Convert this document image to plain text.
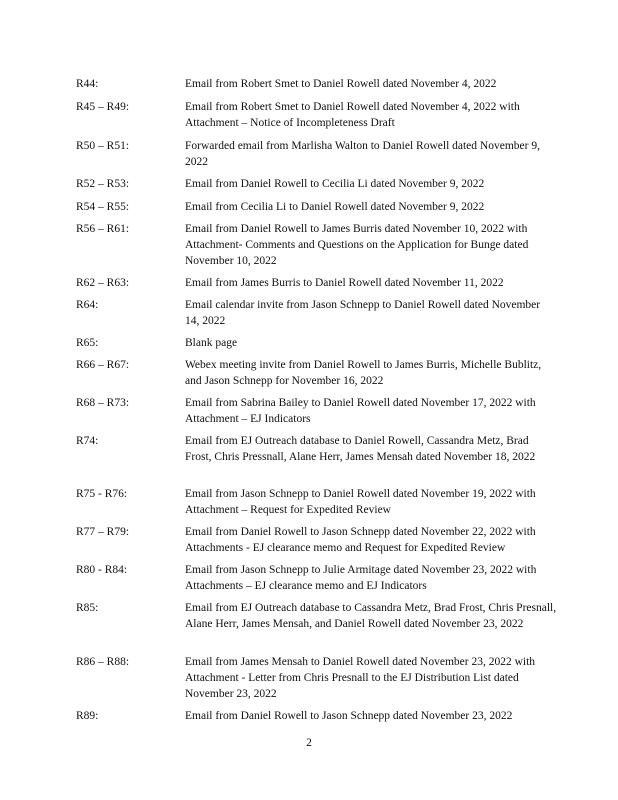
R44:	Email from Robert Smet to Daniel Rowell dated November 4, 2022
R45 – R49:	Email from Robert Smet to Daniel Rowell dated November 4, 2022 with Attachment – Notice of Incompleteness Draft
R50 – R51:	Forwarded email from Marlisha Walton to Daniel Rowell dated November 9, 2022
R52 – R53:	Email from Daniel Rowell to Cecilia Li dated November 9, 2022
R54 – R55:	Email from Cecilia Li to Daniel Rowell dated November 9, 2022
R56 – R61:	Email from Daniel Rowell to James Burris dated November 10, 2022 with Attachment- Comments and Questions on the Application for Bunge dated November 10, 2022
R62 – R63:	Email from James Burris to Daniel Rowell dated November 11, 2022
R64:	Email calendar invite from Jason Schnepp to Daniel Rowell dated November 14, 2022
R65:	Blank page
R66 – R67:	Webex meeting invite from Daniel Rowell to James Burris, Michelle Bublitz, and Jason Schnepp for November 16, 2022
R68 – R73:	Email from Sabrina Bailey to Daniel Rowell dated November 17, 2022 with Attachment – EJ Indicators
R74:	Email from EJ Outreach database to Daniel Rowell, Cassandra Metz, Brad Frost, Chris Pressnall, Alane Herr, James Mensah dated November 18, 2022
R75 - R76:	Email from Jason Schnepp to Daniel Rowell dated November 19, 2022 with Attachment – Request for Expedited Review
R77 – R79:	Email from Daniel Rowell to Jason Schnepp dated November 22, 2022 with Attachments - EJ clearance memo and Request for Expedited Review
R80 - R84:	Email from Jason Schnepp to Julie Armitage dated November 23, 2022 with Attachments – EJ clearance memo and EJ Indicators
R85:	Email from EJ Outreach database to Cassandra Metz, Brad Frost, Chris Presnall, Alane Herr, James Mensah, and Daniel Rowell dated November 23, 2022
R86 – R88:	Email from James Mensah to Daniel Rowell dated November 23, 2022 with Attachment - Letter from Chris Presnall to the EJ Distribution List dated November 23, 2022
R89:	Email from Daniel Rowell to Jason Schnepp dated November 23, 2022
2
